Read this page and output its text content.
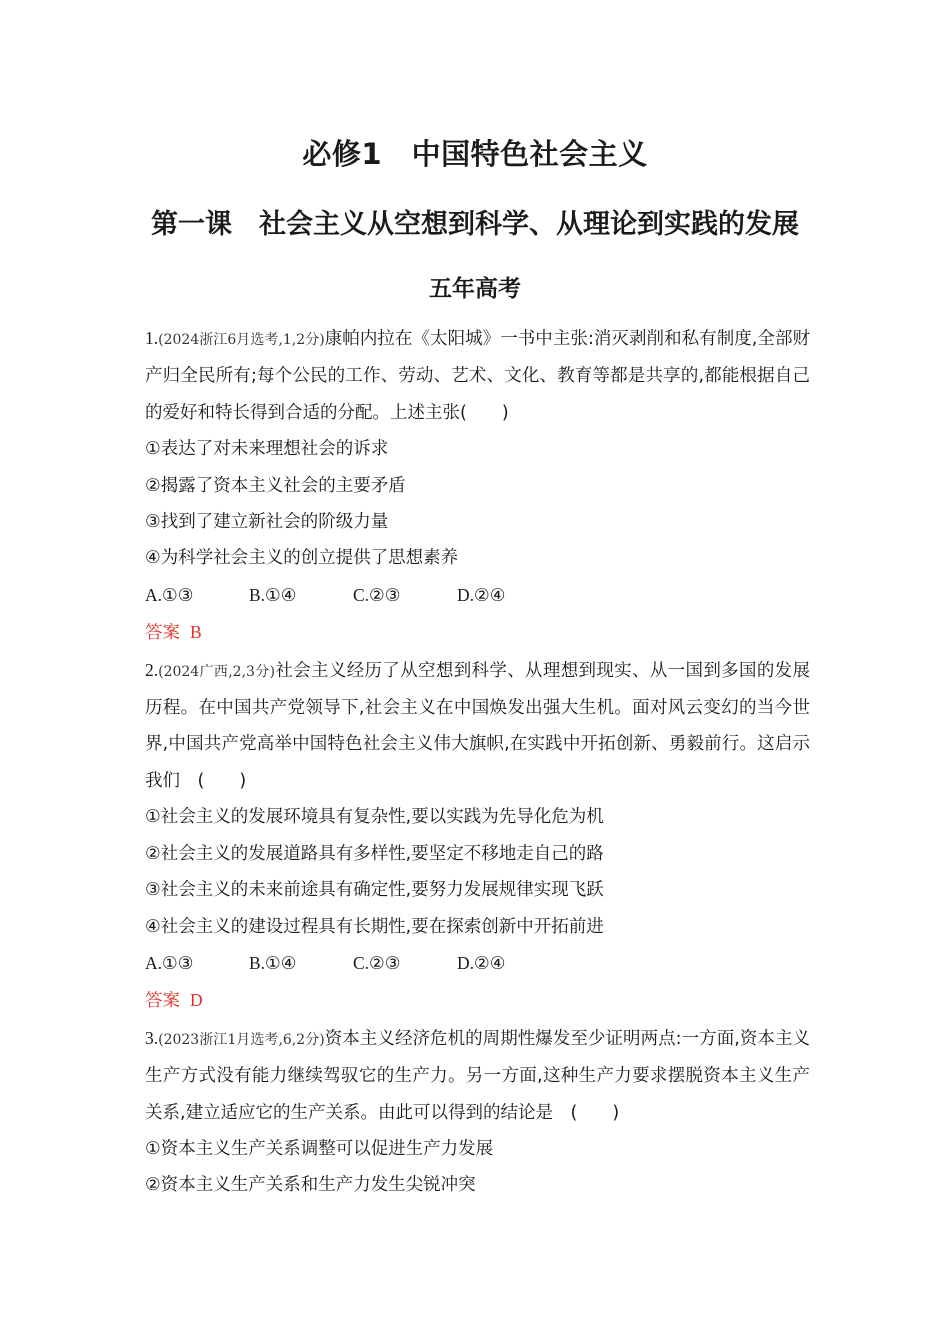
必修1　中国特色社会主义
第一课　社会主义从空想到科学、从理论到实践的发展
五年高考

1.(2024浙江6月选考,1,2分)康帕内拉在《太阳城》一书中主张:消灭剥削和私有制度,全部财产归全民所有;每个公民的工作、劳动、艺术、文化、教育等都是共享的,都能根据自己的爱好和特长得到合适的分配。上述主张(　　)

①表达了对未来理想社会的诉求

②揭露了资本主义社会的主要矛盾

③找到了建立新社会的阶级力量

④为科学社会主义的创立提供了思想素养

A.①③	B.①④	C.②③	D.②④

答案 B

2.(2024广西,2,3分)社会主义经历了从空想到科学、从理想到现实、从一国到多国的发展历程。在中国共产党领导下,社会主义在中国焕发出强大生机。面对风云变幻的当今世界,中国共产党高举中国特色社会主义伟大旗帜,在实践中开拓创新、勇毅前行。这启示我们　(　　)

①社会主义的发展环境具有复杂性,要以实践为先导化危为机

②社会主义的发展道路具有多样性,要坚定不移地走自己的路

③社会主义的未来前途具有确定性,要努力发展规律实现飞跃

④社会主义的建设过程具有长期性,要在探索创新中开拓前进

A.①③	B.①④	C.②③	D.②④

答案 D

3.(2023浙江1月选考,6,2分)资本主义经济危机的周期性爆发至少证明两点:一方面,资本主义生产方式没有能力继续驾驭它的生产力。另一方面,这种生产力要求摆脱资本主义生产关系,建立适应它的生产关系。由此可以得到的结论是　(　　)

①资本主义生产关系调整可以促进生产力发展

②资本主义生产关系和生产力发生尖锐冲突
